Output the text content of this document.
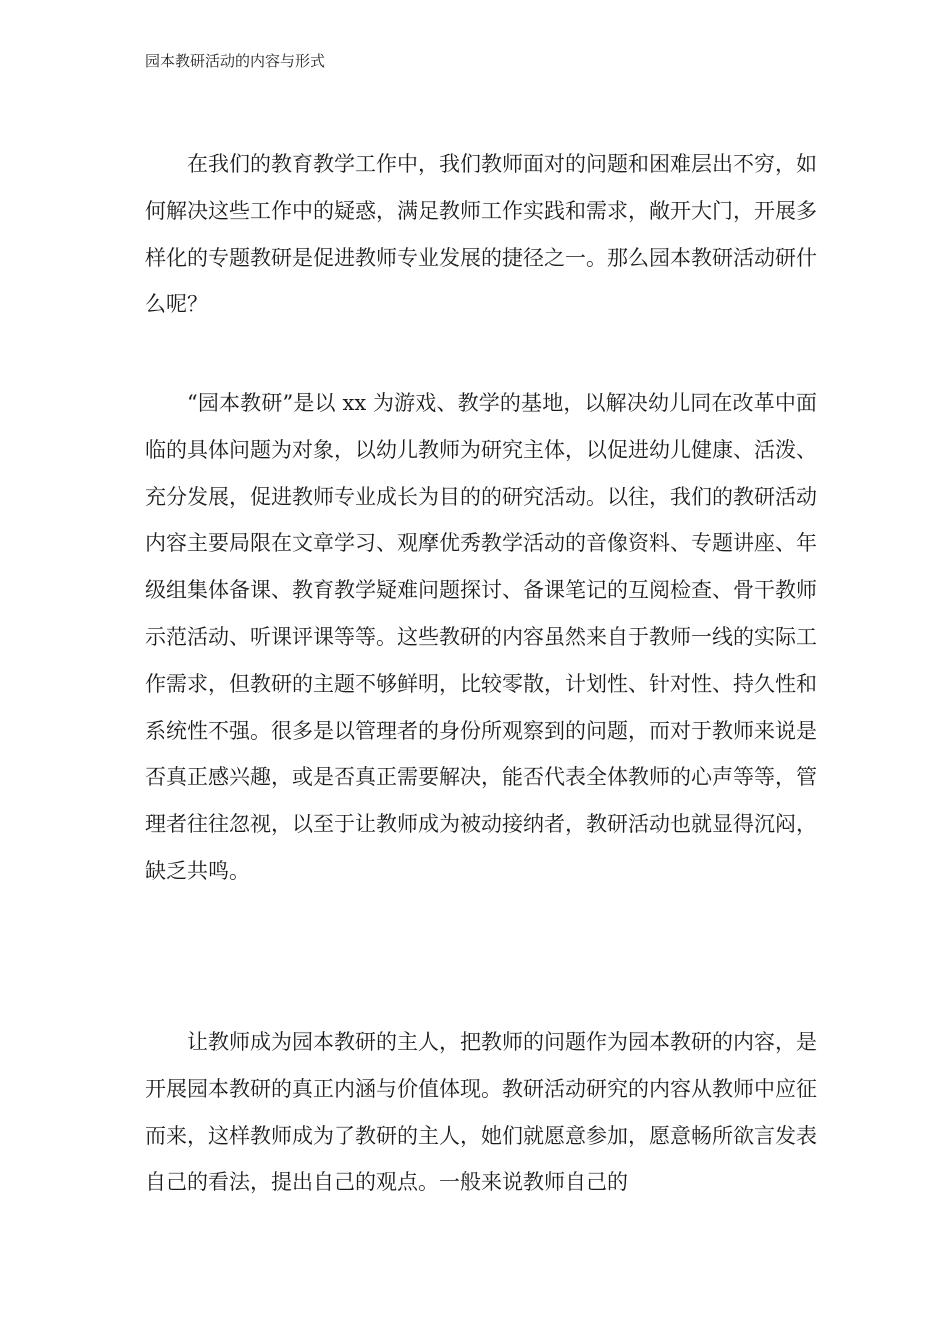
园本教研活动的内容与形式

在我们的教育教学工作中，我们教师面对的问题和困难层出不穷，如何解决这些工作中的疑惑，满足教师工作实践和需求，敞开大门，开展多样化的专题教研是促进教师专业发展的捷径之一。那么园本教研活动研什么呢？

“园本教研”是以 xx 为游戏、教学的基地，以解决幼儿同在改革中面临的具体问题为对象，以幼儿教师为研究主体，以促进幼儿健康、活泼、充分发展，促进教师专业成长为目的的研究活动。以往，我们的教研活动内容主要局限在文章学习、观摩优秀教学活动的音像资料、专题讲座、年级组集体备课、教育教学疑难问题探讨、备课笔记的互阅检查、骨干教师示范活动、听课评课等等。这些教研的内容虽然来自于教师一线的实际工作需求，但教研的主题不够鲜明，比较零散，计划性、针对性、持久性和系统性不强。很多是以管理者的身份所观察到的问题，而对于教师来说是否真正感兴趣，或是否真正需要解决，能否代表全体教师的心声等等，管理者往往忽视，以至于让教师成为被动接纳者，教研活动也就显得沉闷，缺乏共鸣。

让教师成为园本教研的主人，把教师的问题作为园本教研的内容，是开展园本教研的真正内涵与价值体现。教研活动研究的内容从教师中应征而来，这样教师成为了教研的主人，她们就愿意参加，愿意畅所欲言发表自己的看法，提出自己的观点。一般来说教师自己的
